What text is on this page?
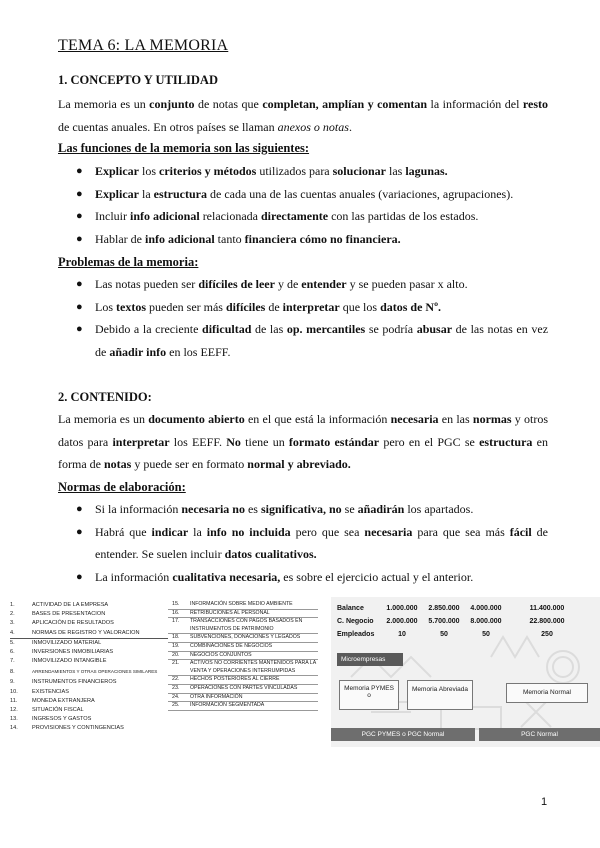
TEMA 6: LA MEMORIA
1. CONCEPTO Y UTILIDAD
La memoria es un conjunto de notas que completan, amplían y comentan la información del resto de cuentas anuales. En otros países se llaman anexos o notas.
Las funciones de la memoria son las siguientes:
● Explicar los criterios y métodos utilizados para solucionar las lagunas.
● Explicar la estructura de cada una de las cuentas anuales (variaciones, agrupaciones).
● Incluir info adicional relacionada directamente con las partidas de los estados.
● Hablar de info adicional tanto financiera cómo no financiera.
Problemas de la memoria:
● Las notas pueden ser difíciles de leer y de entender y se pueden pasar x alto.
● Los textos pueden ser más difíciles de interpretar que los datos de Nº.
● Debido a la creciente dificultad de las op. mercantiles se podría abusar de las notas en vez de añadir info en los EEFF.
2. CONTENIDO:
La memoria es un documento abierto en el que está la información necesaria en las normas y otros datos para interpretar los EEFF. No tiene un formato estándar pero en el PGC se estructura en forma de notas y puede ser en formato normal y abreviado.
Normas de elaboración:
● Si la información necesaria no es significativa, no se añadirán los apartados.
● Habrá que indicar la info no incluida pero que sea necesaria para que sea más fácil de entender. Se suelen incluir datos cualitativos.
● La información cualitativa necesaria, es sobre el ejercicio actual y el anterior.
1.	ACTIVIDAD DE LA EMPRESA
2.	BASES DE PRESENTACION
3.	APLICACIÓN DE RESULTADOS
4.	NORMAS DE REGISTRO Y VALORACION
5.	INMOVILIZADO MATERIAL
6.	INVERSIONES INMOBILIARIAS
7.	INMOVILIZADO INTANGIBLE
8.	ARRENDAMIENTOS Y OTRAS OPERACIONES SIMILARES
9.	INSTRUMENTOS FINANCIEROS
10.	EXISTENCIAS
11.	MONEDA EXTRANJERA
12.	SITUACIÓN FISCAL
13.	INGRESOS Y GASTOS
14.	PROVISIONES Y CONTINGENCIAS
15. INFORMACIÓN SOBRE MEDIO AMBIENTE
16. RETRIBUCIONES AL PERSONAL
17. TRANSACCIONES CON PAGOS BASADOS EN INSTRUMENTOS DE PATRIMONIO
18. SUBVENCIONES, DONACIONES Y LEGADOS
19. COMBINACIONES DE NEGOCIOS
20. NEGOCIOS CONJUNTOS
21. ACTIVOS NO CORRIENTES MANTENIDOS PARA LA VENTA Y OPERACIONES INTERRUMPIDAS
22. HECHOS POSTERIORES AL CIERRE
23. OPERACIONES CON PARTES VINCULADAS
24. OTRA INFORMACIÓN
25. INFORMACIÓN SEGMENTADA
Balance	1.000.000 2.850.000 4.000.000	11.400.000
C. Negocio 2.000.000 5.700.000 8.000.000	22.800.000
Empleados	10	50	50	250
Microempresas
Memoria PYMES
o
Memoria Abreviada	Memoria Normal
PGC PYMES o PGC Normal	PGC Normal
1
